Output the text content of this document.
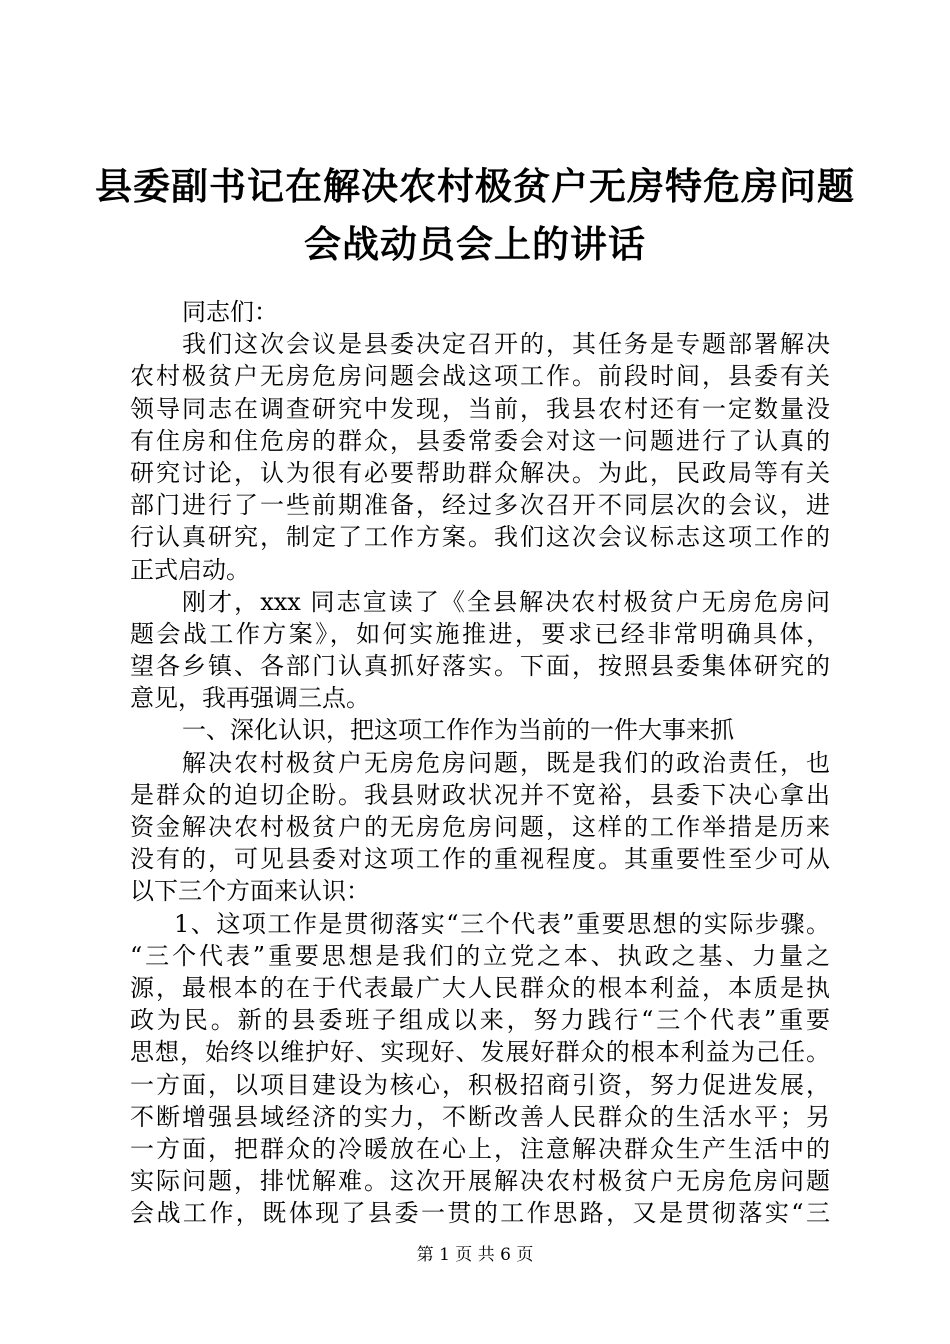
县委副书记在解决农村极贫户无房特危房问题
会战动员会上的讲话
同志们：
我们这次会议是县委决定召开的，其任务是专题部署解决
农村极贫户无房危房问题会战这项工作。前段时间，县委有关
领导同志在调查研究中发现，当前，我县农村还有一定数量没
有住房和住危房的群众，县委常委会对这一问题进行了认真的
研究讨论，认为很有必要帮助群众解决。为此，民政局等有关
部门进行了一些前期准备，经过多次召开不同层次的会议，进
行认真研究，制定了工作方案。我们这次会议标志这项工作的
正式启动。
刚才，xxx 同志宣读了《全县解决农村极贫户无房危房问
题会战工作方案》，如何实施推进，要求已经非常明确具体，
望各乡镇、各部门认真抓好落实。下面，按照县委集体研究的
意见，我再强调三点。
一、深化认识，把这项工作作为当前的一件大事来抓
解决农村极贫户无房危房问题，既是我们的政治责任，也
是群众的迫切企盼。我县财政状况并不宽裕，县委下决心拿出
资金解决农村极贫户的无房危房问题，这样的工作举措是历来
没有的，可见县委对这项工作的重视程度。其重要性至少可从
以下三个方面来认识：
1、这项工作是贯彻落实“三个代表”重要思想的实际步骤。
“三个代表”重要思想是我们的立党之本、执政之基、力量之
源，最根本的在于代表最广大人民群众的根本利益，本质是执
政为民。新的县委班子组成以来，努力践行“三个代表”重要
思想，始终以维护好、实现好、发展好群众的根本利益为己任。
一方面，以项目建设为核心，积极招商引资，努力促进发展，
不断增强县域经济的实力，不断改善人民群众的生活水平；另
一方面，把群众的冷暖放在心上，注意解决群众生产生活中的
实际问题，排忧解难。这次开展解决农村极贫户无房危房问题
会战工作，既体现了县委一贯的工作思路，又是贯彻落实“三
第 1 页 共 6 页
